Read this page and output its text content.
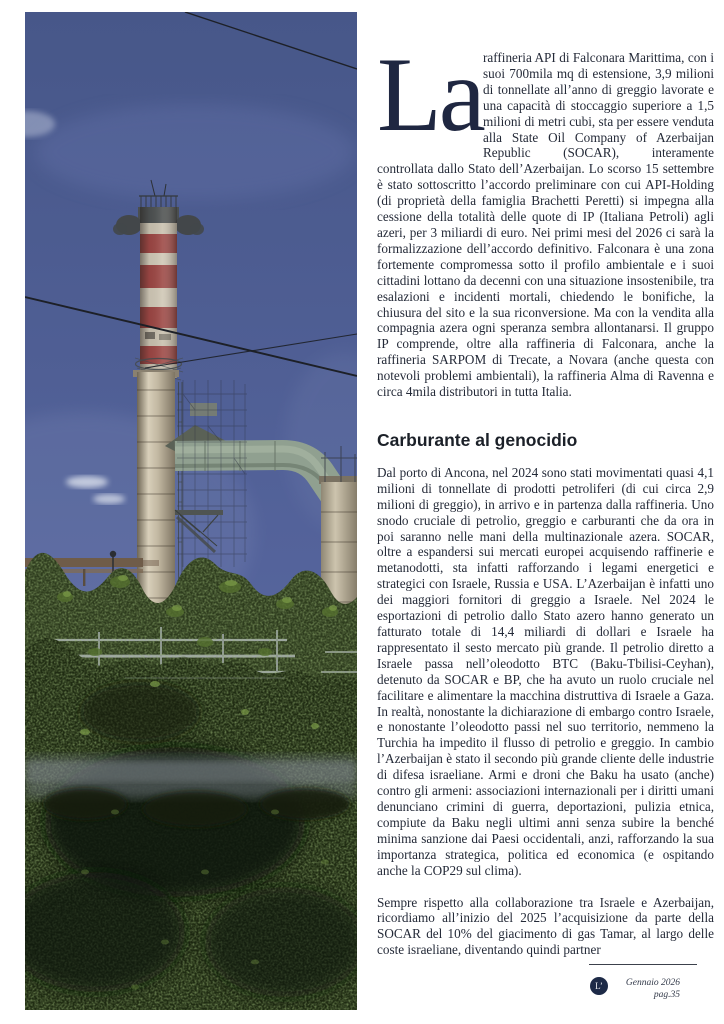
La raffineria API di Falconara Marittima, con i suoi 700mila mq di estensione, 3,9 milioni di tonnellate all’anno di greggio lavorate e una capacità di stoccaggio superiore a 1,5 milioni di metri cubi, sta per essere venduta alla State Oil Company of Azerbaijan Republic (SOCAR), interamente controllata dallo Stato dell’Azerbaijan. Lo scorso 15 settembre è stato sottoscritto l’accordo preliminare con cui API-Holding (di proprietà della famiglia Brachetti Peretti) si impegna alla cessione della totalità delle quote di IP (Italiana Petroli) agli azeri, per 3 miliardi di euro. Nei primi mesi del 2026 ci sarà la formalizzazione dell’accordo definitivo. Falconara è una zona fortemente compromessa sotto il profilo ambientale e i suoi cittadini lottano da decenni con una situazione insostenibile, tra esalazioni e incidenti mortali, chiedendo le bonifiche, la chiusura del sito e la sua riconversione. Ma con la vendita alla compagnia azera ogni speranza sembra allontanarsi. Il gruppo IP comprende, oltre alla raffineria di Falconara, anche la raffineria SARPOM di Trecate, a Novara (anche questa con notevoli problemi ambientali), la raffineria Alma di Ravenna e circa 4mila distributori in tutta Italia.

Carburante al genocidio

Dal porto di Ancona, nel 2024 sono stati movimentati quasi 4,1 milioni di tonnellate di prodotti petroliferi (di cui circa 2,9 milioni di greggio), in arrivo e in partenza dalla raffineria. Uno snodo cruciale di petrolio, greggio e carburanti che da ora in poi saranno nelle mani della multinazionale azera. SOCAR, oltre a espandersi sui mercati europei acquisendo raffinerie e metanodotti, sta infatti rafforzando i legami energetici e strategici con Israele, Russia e USA. L’Azerbaijan è infatti uno dei maggiori fornitori di greggio a Israele. Nel 2024 le esportazioni di petrolio dallo Stato azero hanno generato un fatturato totale di 14,4 miliardi di dollari e Israele ha rappresentato il sesto mercato più grande. Il petrolio diretto a Israele passa nell’oleodotto BTC (Baku-Tbilisi-Ceyhan), detenuto da SOCAR e BP, che ha avuto un ruolo cruciale nel facilitare e alimentare la macchina distruttiva di Israele a Gaza. In realtà, nonostante la dichiarazione di embargo contro Israele, e nonostante l’oleodotto passi nel suo territorio, nemmeno la Turchia ha impedito il flusso di petrolio e greggio. In cambio l’Azerbaijan è stato il secondo più grande cliente delle industrie di difesa israeliane. Armi e droni che Baku ha usato (anche) contro gli armeni: associazioni internazionali per i diritti umani denunciano crimini di guerra, deportazioni, pulizia etnica, compiute da Baku negli ultimi anni senza subire la benché minima sanzione dai Paesi occidentali, anzi, rafforzando la sua importanza strategica, politica ed economica (e ospitando anche la COP29 sul clima).

Sempre rispetto alla collaborazione tra Israele e Azerbaijan, ricordiamo all’inizio del 2025 l’acquisizione da parte della SOCAR del 10% del giacimento di gas Tamar, al largo delle coste israeliane, diventando quindi partner

L’	Gennaio 2026
pag.35
